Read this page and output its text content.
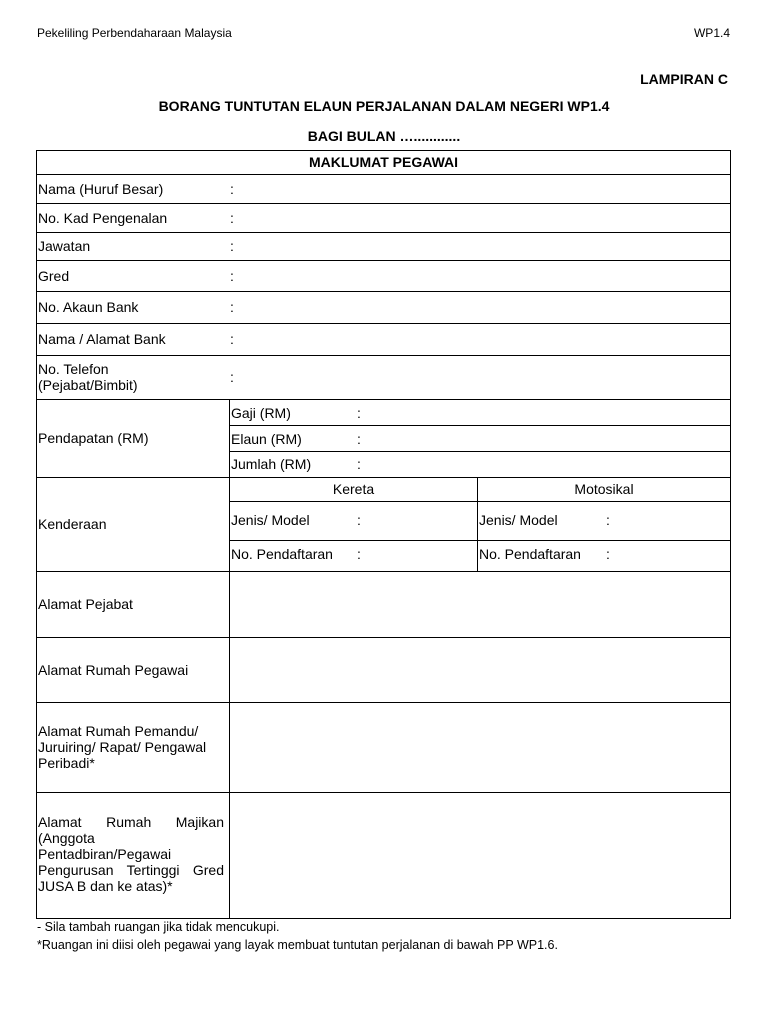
Pekeliling Perbendaharaan Malaysia	WP1.4
LAMPIRAN C
BORANG TUNTUTAN ELAUN PERJALANAN DALAM NEGERI WP1.4
BAGI BULAN …............
MAKLUMAT PEGAWAI
Nama (Huruf Besar)	:
No. Kad Pengenalan	:
Jawatan	:
Gred	:
No. Akaun Bank	:
Nama / Alamat Bank	:
No. Telefon
(Pejabat/Bimbit)	:
Pendapatan (RM)
Gaji (RM)	:
Elaun (RM)	:
Jumlah (RM)	:
Kenderaan
Kereta	Motosikal
Jenis/ Model	:	Jenis/ Model	:
No. Pendaftaran :	No. Pendaftaran :
Alamat Pejabat
Alamat Rumah Pegawai
Alamat Rumah Pemandu/ Juruiring/ Rapat/ Pengawal Peribadi*
Alamat Rumah Majikan (Anggota Pentadbiran/Pegawai Pengurusan Tertinggi Gred JUSA B dan ke atas)*
- Sila tambah ruangan jika tidak mencukupi.
*Ruangan ini diisi oleh pegawai yang layak membuat tuntutan perjalanan di bawah PP WP1.6.
